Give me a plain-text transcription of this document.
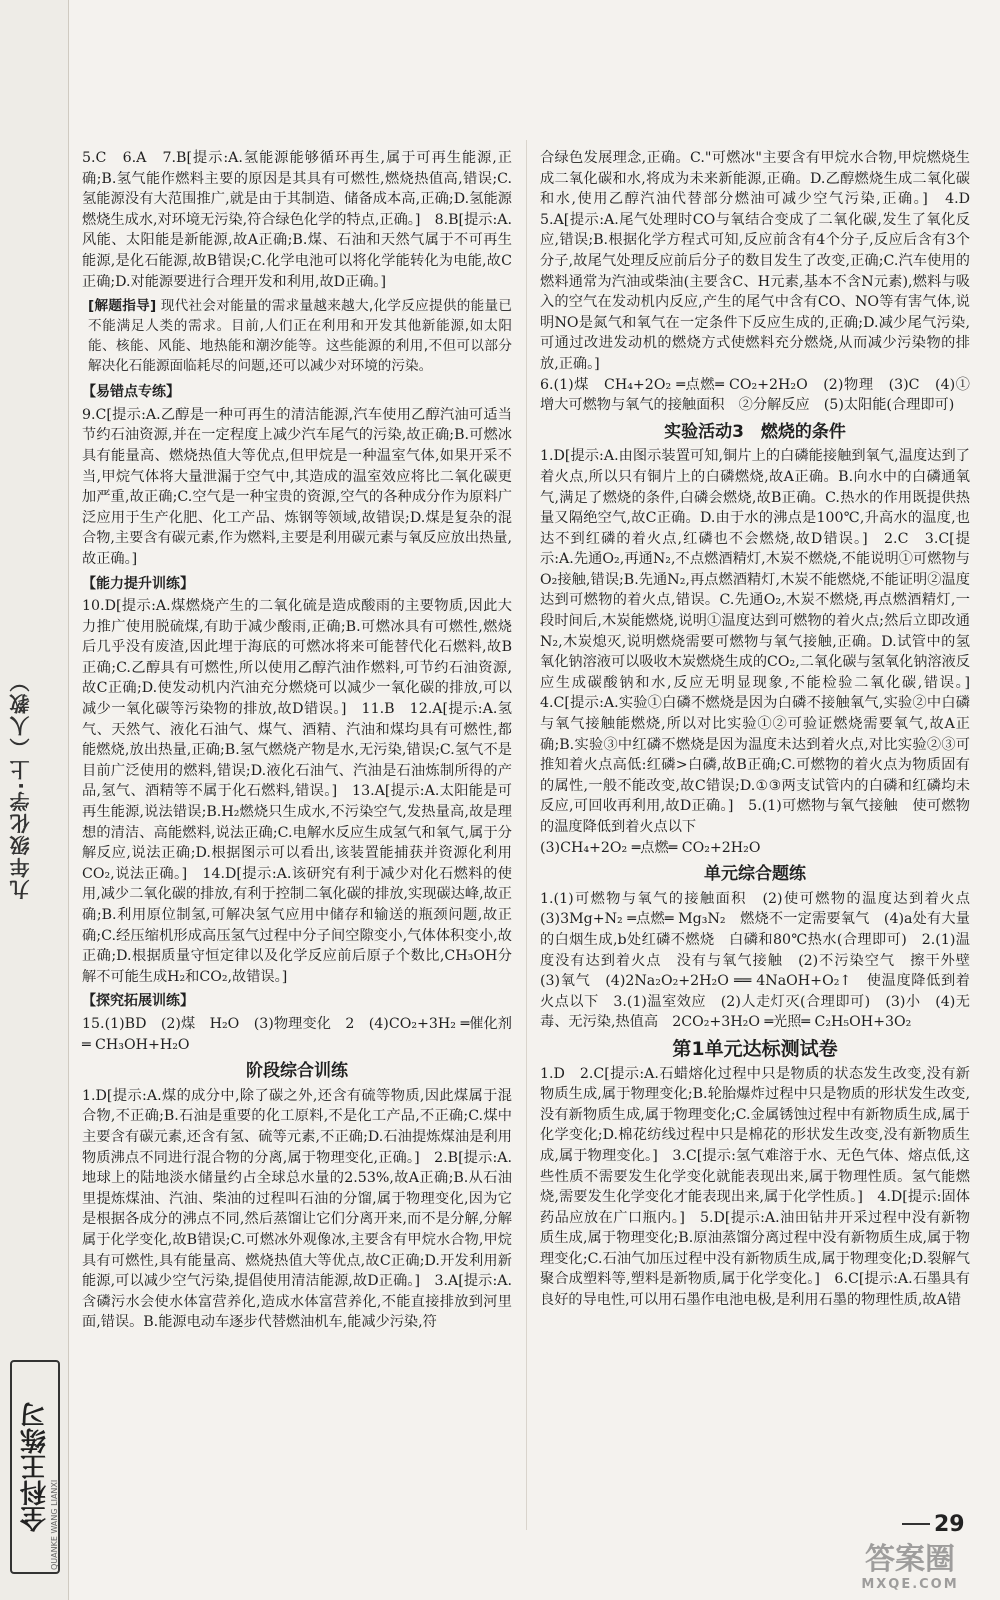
九年级化学·上（人教）
全科王练习 QUANKE WANG LIANXI

5.C　6.A　7.B[提示:A.氢能源能够循环再生,属于可再生能源,正确;B.氢气能作燃料主要的原因是其具有可燃性,燃烧热值高,错误;C.氢能源没有大范围推广,就是由于其制造、储备成本高,正确;D.氢能源燃烧生成水,对环境无污染,符合绿色化学的特点,正确。]　8.B[提示:A.风能、太阳能是新能源,故A正确;B.煤、石油和天然气属于不可再生能源,是化石能源,故B错误;C.化学电池可以将化学能转化为电能,故C正确;D.对能源要进行合理开发和利用,故D正确。]

[解题指导] 现代社会对能量的需求量越来越大,化学反应提供的能量已不能满足人类的需求。目前,人们正在利用和开发其他新能源,如太阳能、核能、风能、地热能和潮汐能等。这些能源的利用,不但可以部分解决化石能源面临耗尽的问题,还可以减少对环境的污染。
【易错点专练】

9.C[提示:A.乙醇是一种可再生的清洁能源,汽车使用乙醇汽油可适当节约石油资源,并在一定程度上减少汽车尾气的污染,故正确;B.可燃冰具有能量高、燃烧热值大等优点,但甲烷是一种温室气体,如果开采不当,甲烷气体将大量泄漏于空气中,其造成的温室效应将比二氧化碳更加严重,故正确;C.空气是一种宝贵的资源,空气的各种成分作为原料广泛应用于生产化肥、化工产品、炼钢等领域,故错误;D.煤是复杂的混合物,主要含有碳元素,作为燃料,主要是利用碳元素与氧反应放出热量,故正确。]

【能力提升训练】

10.D[提示:A.煤燃烧产生的二氧化硫是造成酸雨的主要物质,因此大力推广使用脱硫煤,有助于减少酸雨,正确;B.可燃冰具有可燃性,燃烧后几乎没有废渣,因此埋于海底的可燃冰将来可能替代化石燃料,故B正确;C.乙醇具有可燃性,所以使用乙醇汽油作燃料,可节约石油资源,故C正确;D.使发动机内汽油充分燃烧可以减少一氧化碳的排放,可以减少一氧化碳等污染物的排放,故D错误。]　11.B　12.A[提示:A.氢气、天然气、液化石油气、煤气、酒精、汽油和煤均具有可燃性,都能燃烧,放出热量,正确;B.氢气燃烧产物是水,无污染,错误;C.氢气不是目前广泛使用的燃料,错误;D.液化石油气、汽油是石油炼制所得的产品,氢气、酒精等不属于化石燃料,错误。]　13.A[提示:A.太阳能是可再生能源,说法错误;B.H₂燃烧只生成水,不污染空气,发热量高,故是理想的清洁、高能燃料,说法正确;C.电解水反应生成氢气和氧气,属于分解反应,说法正确;D.根据图示可以看出,该装置能捕获并资源化利用CO₂,说法正确。]　14.D[提示:A.该研究有利于减少对化石燃料的使用,减少二氧化碳的排放,有利于控制二氧化碳的排放,实现碳达峰,故正确;B.利用原位制氢,可解决氢气应用中储存和输送的瓶颈问题,故正确;C.经压缩机形成高压氢气过程中分子间空隙变小,气体体积变小,故正确;D.根据质量守恒定律以及化学反应前后原子个数比,CH₃OH分解不可能生成H₂和CO₂,故错误。]

【探究拓展训练】

15.(1)BD　(2)煤　H₂O　(3)物理变化　2　(4)CO₂+3H₂ ═催化剂═ CH₃OH+H₂O

阶段综合训练

1.D[提示:A.煤的成分中,除了碳之外,还含有硫等物质,因此煤属于混合物,不正确;B.石油是重要的化工原料,不是化工产品,不正确;C.煤中主要含有碳元素,还含有氢、硫等元素,不正确;D.石油提炼煤油是利用物质沸点不同进行混合物的分离,属于物理变化,正确。]　2.B[提示:A.地球上的陆地淡水储量约占全球总水量的2.53%,故A正确;B.从石油里提炼煤油、汽油、柴油的过程叫石油的分馏,属于物理变化,因为它是根据各成分的沸点不同,然后蒸馏让它们分离开来,而不是分解,分解属于化学变化,故B错误;C.可燃冰外观像冰,主要含有甲烷水合物,甲烷具有可燃性,具有能量高、燃烧热值大等优点,故C正确;D.开发利用新能源,可以减少空气污染,提倡使用清洁能源,故D正确。]　3.A[提示:A.含磷污水会使水体富营养化,造成水体富营养化,不能直接排放到河里面,错误。B.能源电动车逐步代替燃油机车,能减少污染,符

合绿色发展理念,正确。C."可燃冰"主要含有甲烷水合物,甲烷燃烧生成二氧化碳和水,将成为未来新能源,正确。D.乙醇燃烧生成二氧化碳和水,使用乙醇汽油代替部分燃油可减少空气污染,正确。]　4.D　5.A[提示:A.尾气处理时CO与氧结合变成了二氧化碳,发生了氧化反应,错误;B.根据化学方程式可知,反应前含有4个分子,反应后含有3个分子,故尾气处理反应前后分子的数目发生了改变,正确;C.汽车使用的燃料通常为汽油或柴油(主要含C、H元素,基本不含N元素),燃料与吸入的空气在发动机内反应,产生的尾气中含有CO、NO等有害气体,说明NO是氮气和氧气在一定条件下反应生成的,正确;D.减少尾气污染,可通过改进发动机的燃烧方式使燃料充分燃烧,从而减少污染物的排放,正确。]

6.(1)煤　CH₄+2O₂ ═点燃═ CO₂+2H₂O　(2)物理　(3)C　(4)①增大可燃物与氧气的接触面积　②分解反应　(5)太阳能(合理即可)

实验活动3　燃烧的条件

1.D[提示:A.由图示装置可知,铜片上的白磷能接触到氧气,温度达到了着火点,所以只有铜片上的白磷燃烧,故A正确。B.向水中的白磷通氧气,满足了燃烧的条件,白磷会燃烧,故B正确。C.热水的作用既提供热量又隔绝空气,故C正确。D.由于水的沸点是100℃,升高水的温度,也达不到红磷的着火点,红磷也不会燃烧,故D错误。]　2.C　3.C[提示:A.先通O₂,再通N₂,不点燃酒精灯,木炭不燃烧,不能说明①可燃物与O₂接触,错误;B.先通N₂,再点燃酒精灯,木炭不能燃烧,不能证明②温度达到可燃物的着火点,错误。C.先通O₂,木炭不燃烧,再点燃酒精灯,一段时间后,木炭能燃烧,说明①温度达到可燃物的着火点;然后立即改通N₂,木炭熄灭,说明燃烧需要可燃物与氧气接触,正确。D.试管中的氢氧化钠溶液可以吸收木炭燃烧生成的CO₂,二氧化碳与氢氧化钠溶液反应生成碳酸钠和水,反应无明显现象,不能检验二氧化碳,错误。]　4.C[提示:A.实验①白磷不燃烧是因为白磷不接触氧气,实验②中白磷与氧气接触能燃烧,所以对比实验①②可验证燃烧需要氧气,故A正确;B.实验③中红磷不燃烧是因为温度未达到着火点,对比实验②③可推知着火点高低:红磷>白磷,故B正确;C.可燃物的着火点为物质固有的属性,一般不能改变,故C错误;D.①③两支试管内的白磷和红磷均未反应,可回收再利用,故D正确。]　5.(1)可燃物与氧气接触　使可燃物的温度降低到着火点以下

(3)CH₄+2O₂ ═点燃═ CO₂+2H₂O

单元综合题练

1.(1)可燃物与氧气的接触面积　(2)使可燃物的温度达到着火点　(3)3Mg+N₂ ═点燃═ Mg₃N₂　燃烧不一定需要氧气　(4)a处有大量的白烟生成,b处红磷不燃烧　白磷和80℃热水(合理即可)　2.(1)温度没有达到着火点　没有与氧气接触　(2)不污染空气　擦干外壁　(3)氧气　(4)2Na₂O₂+2H₂O ══ 4NaOH+O₂↑　使温度降低到着火点以下　3.(1)温室效应　(2)人走灯灭(合理即可)　(3)小　(4)无毒、无污染,热值高　2CO₂+3H₂O ═光照═ C₂H₅OH+3O₂

第1单元达标测试卷

1.D　2.C[提示:A.石蜡熔化过程中只是物质的状态发生改变,没有新物质生成,属于物理变化;B.轮胎爆炸过程中只是物质的形状发生改变,没有新物质生成,属于物理变化;C.金属锈蚀过程中有新物质生成,属于化学变化;D.棉花纺线过程中只是棉花的形状发生改变,没有新物质生成,属于物理变化。]　3.C[提示:氢气难溶于水、无色气体、熔点低,这些性质不需要发生化学变化就能表现出来,属于物理性质。氢气能燃烧,需要发生化学变化才能表现出来,属于化学性质。]　4.D[提示:固体药品应放在广口瓶内。]　5.D[提示:A.油田钻井开采过程中没有新物质生成,属于物理变化;B.原油蒸馏分离过程中没有新物质生成,属于物理变化;C.石油气加压过程中没有新物质生成,属于物理变化;D.裂解气聚合成塑料等,塑料是新物质,属于化学变化。]　6.C[提示:A.石墨具有良好的导电性,可以用石墨作电池电极,是利用石墨的物理性质,故A错

29
答案圈
MXQE.COM
